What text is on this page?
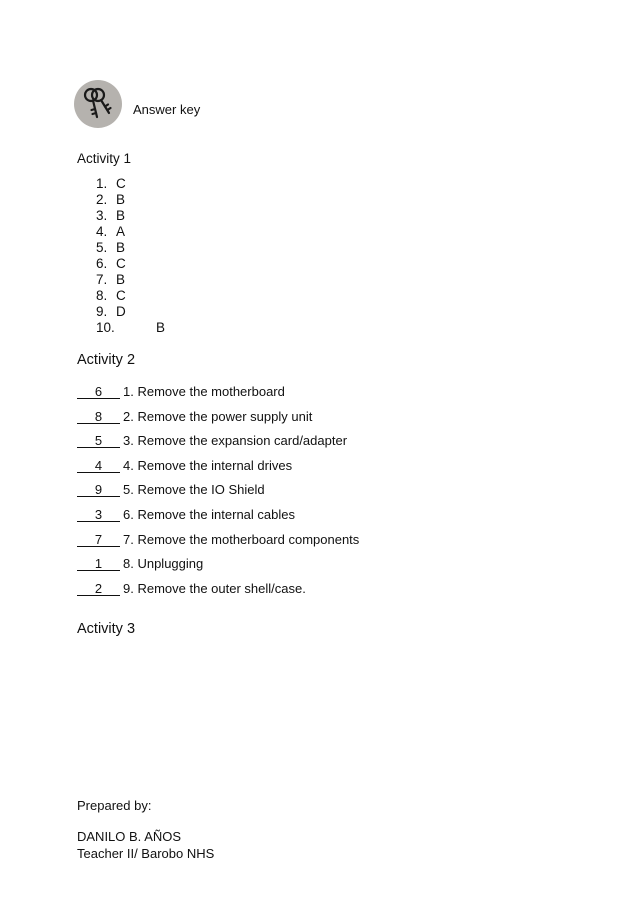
Answer key
Activity 1
1. C
2. B
3. B
4. A
5. B
6. C
7. B
8. C
9. D
10.	B
Activity 2
6 1. Remove the motherboard
8 2. Remove the power supply unit
5 3. Remove the expansion card/adapter
4 4. Remove the internal drives
9 5. Remove the IO Shield
3 6. Remove the internal cables
7 7. Remove the motherboard components
1 8. Unplugging
2 9. Remove the outer shell/case.
Activity 3
Prepared by:
DANILO B. AÑOS
Teacher II/ Barobo NHS
